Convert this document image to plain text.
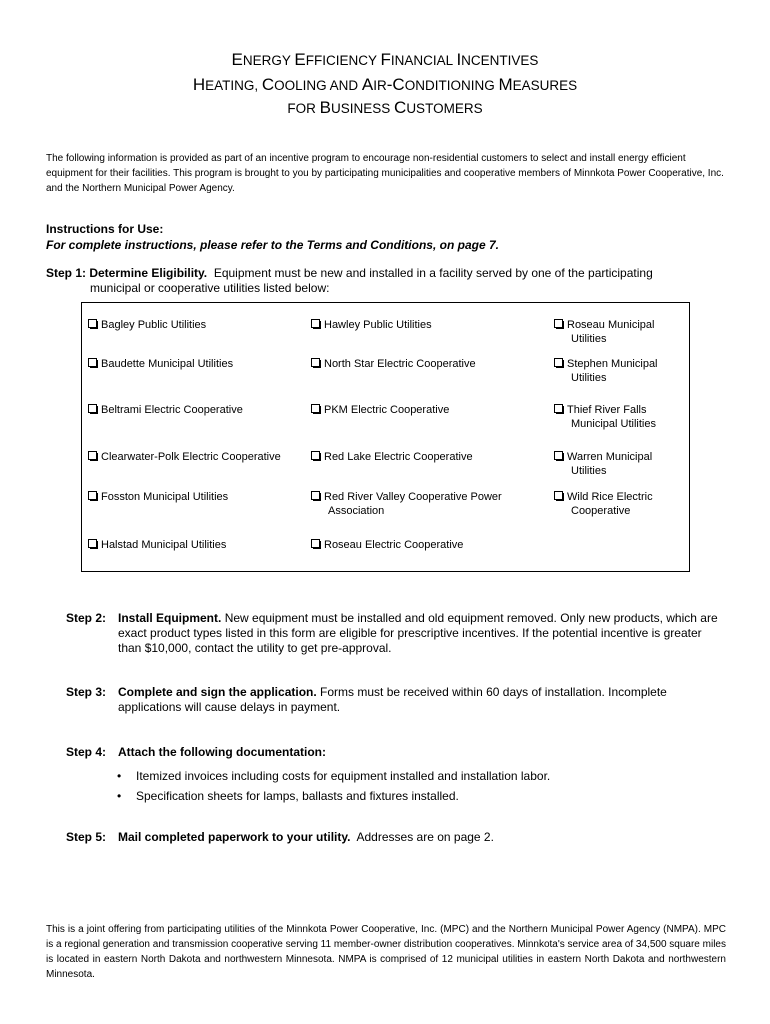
ENERGY EFFICIENCY FINANCIAL INCENTIVES
HEATING, COOLING AND AIR-CONDITIONING MEASURES
FOR BUSINESS CUSTOMERS
The following information is provided as part of an incentive program to encourage non-residential customers to select and install energy efficient equipment for their facilities. This program is brought to you by participating municipalities and cooperative members of Minnkota Power Cooperative, Inc. and the Northern Municipal Power Agency.
Instructions for Use:
For complete instructions, please refer to the Terms and Conditions, on page 7.
Step 1: Determine Eligibility. Equipment must be new and installed in a facility served by one of the participating
municipal or cooperative utilities listed below:
Bagley Public Utilities
Baudette Municipal Utilities
Beltrami Electric Cooperative
Clearwater-Polk Electric Cooperative
Fosston Municipal Utilities
Halstad Municipal Utilities
Hawley Public Utilities
North Star Electric Cooperative
PKM Electric Cooperative
Red Lake Electric Cooperative
Red River Valley Cooperative Power
Association
Roseau Electric Cooperative
Roseau Municipal
Utilities
Stephen Municipal
Utilities
Thief River Falls
Municipal Utilities
Warren Municipal
Utilities
Wild Rice Electric
Cooperative
Step 2: Install Equipment. New equipment must be installed and old equipment removed. Only new products, which are exact product types listed in this form are eligible for prescriptive incentives. If the potential incentive is greater than $10,000, contact the utility to get pre-approval.
Step 3: Complete and sign the application. Forms must be received within 60 days of installation. Incomplete applications will cause delays in payment.
Step 4: Attach the following documentation:
• Itemized invoices including costs for equipment installed and installation labor.
• Specification sheets for lamps, ballasts and fixtures installed.
Step 5: Mail completed paperwork to your utility. Addresses are on page 2.
This is a joint offering from participating utilities of the Minnkota Power Cooperative, Inc. (MPC) and the Northern Municipal Power Agency (NMPA). MPC is a regional generation and transmission cooperative serving 11 member-owner distribution cooperatives. Minnkota's service area of 34,500 square miles is located in eastern North Dakota and northwestern Minnesota. NMPA is comprised of 12 municipal utilities in eastern North Dakota and northwestern Minnesota.
